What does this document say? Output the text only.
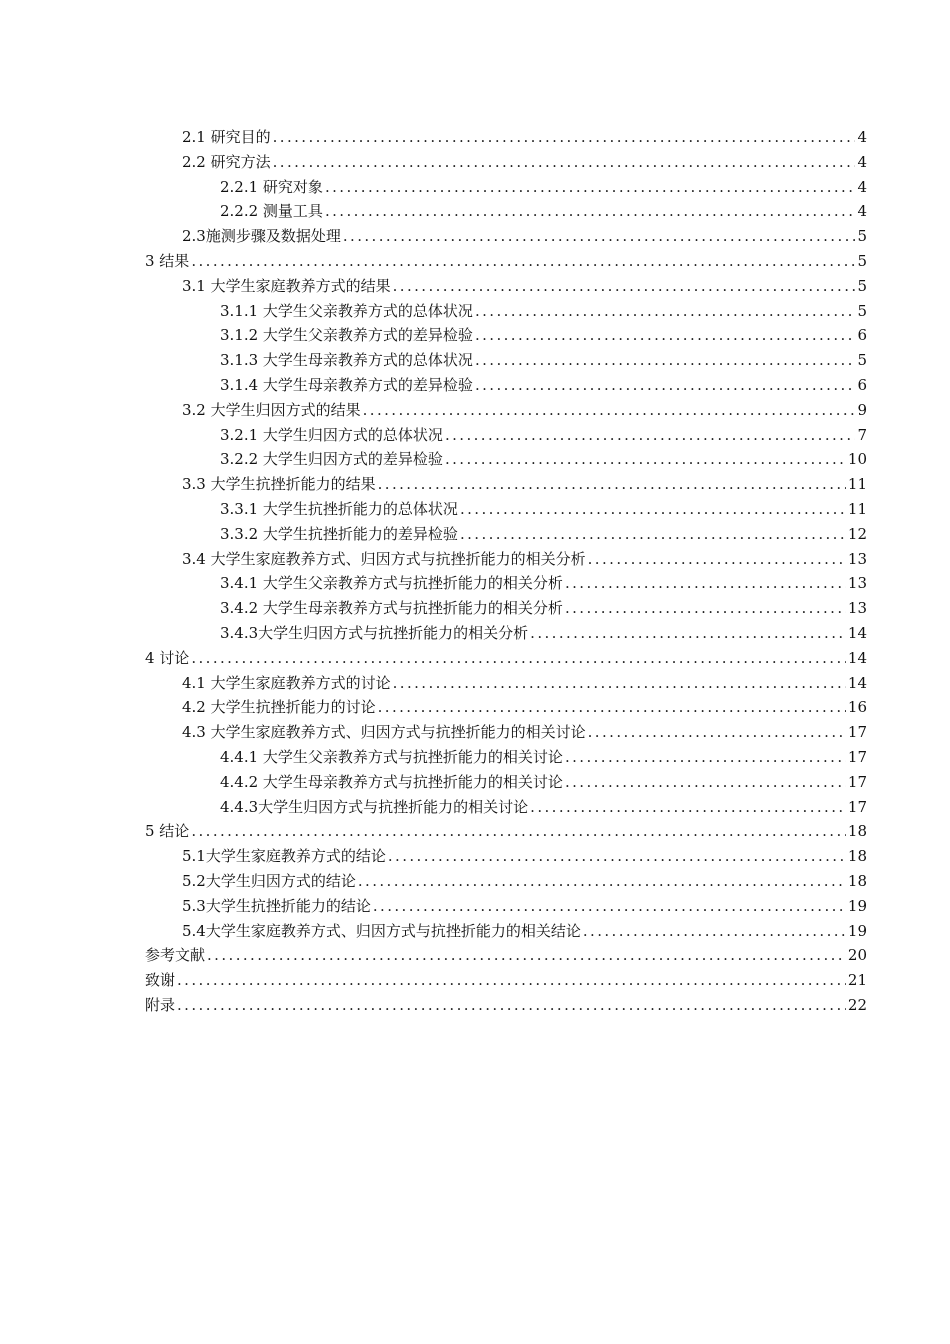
2.1 研究目的 .....	4
2.2 研究方法 .....	4
2.2.1 研究对象 .....	4
2.2.2 测量工具 .....	4
2.3施测步骤及数据处理 .....	5
3 结果 .....	5
3.1 大学生家庭教养方式的结果 .....	5
3.1.1 大学生父亲教养方式的总体状况 .....	5
3.1.2 大学生父亲教养方式的差异检验 .....	6
3.1.3 大学生母亲教养方式的总体状况 .....	5
3.1.4 大学生母亲教养方式的差异检验 .....	6
3.2 大学生归因方式的结果 .....	9
3.2.1 大学生归因方式的总体状况 .....	7
3.2.2 大学生归因方式的差异检验 .....	10
3.3 大学生抗挫折能力的结果 .....	11
3.3.1 大学生抗挫折能力的总体状况 .....	11
3.3.2 大学生抗挫折能力的差异检验 .....	12
3.4 大学生家庭教养方式、归因方式与抗挫折能力的相关分析 .....	13
3.4.1 大学生父亲教养方式与抗挫折能力的相关分析 .....	13
3.4.2 大学生母亲教养方式与抗挫折能力的相关分析 .....	13
3.4.3大学生归因方式与抗挫折能力的相关分析 .....	14
4 讨论 .....	14
4.1 大学生家庭教养方式的讨论 .....	14
4.2 大学生抗挫折能力的讨论 .....	16
4.3 大学生家庭教养方式、归因方式与抗挫折能力的相关讨论 .....	17
4.4.1 大学生父亲教养方式与抗挫折能力的相关讨论 .....	17
4.4.2 大学生母亲教养方式与抗挫折能力的相关讨论 .....	17
4.4.3大学生归因方式与抗挫折能力的相关讨论 .....	17
5 结论 .....	18
5.1大学生家庭教养方式的结论 .....	18
5.2大学生归因方式的结论 .....	18
5.3大学生抗挫折能力的结论 .....	19
5.4大学生家庭教养方式、归因方式与抗挫折能力的相关结论 .....	19
参考文献 .....	20
致谢 .....	21
附录 .....	22
